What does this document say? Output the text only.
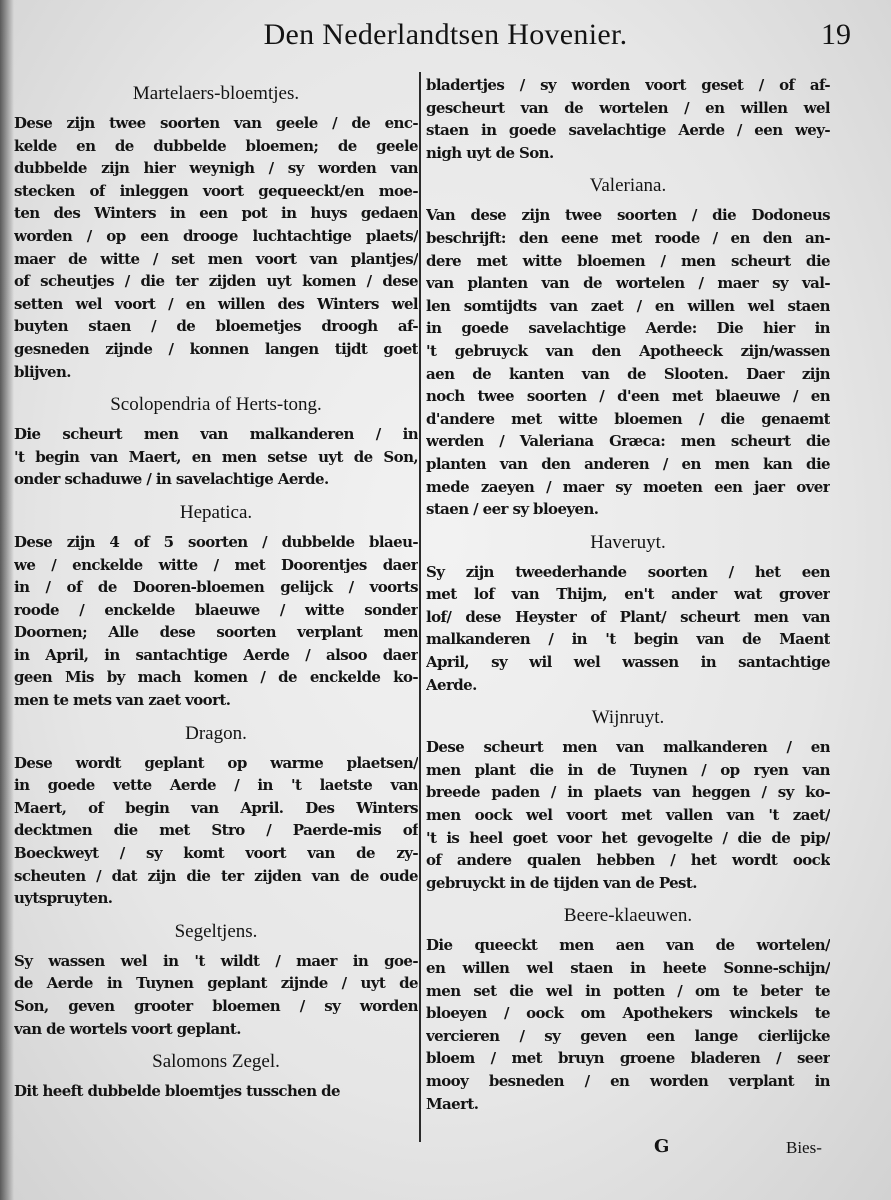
Den Nederlandtsen Hovenier.	19
Martelaers-bloemtjes.
Dese zijn twee soorten van geele / de enc-
kelde en de dubbelde bloemen; de geele
dubbelde zijn hier weynigh / sy worden van
stecken of inleggen voort gequeeckt/en moe-
ten des Winters in een pot in huys gedaen
worden / op een drooge luchtachtige plaets/
maer de witte / set men voort van plantjes/
of scheutjes / die ter zijden uyt komen / dese
setten wel voort / en willen des Winters wel
buyten staen / de bloemetjes droogh af-
gesneden zijnde / konnen langen tijdt goet
blijven.
Scolopendria of Herts-tong.
Die scheurt men van malkanderen / in
't begin van Maert, en men setse uyt de Son,
onder schaduwe / in savelachtige Aerde.
Hepatica.
Dese zijn 4 of 5 soorten / dubbelde blaeu-
we / enckelde witte / met Doorentjes daer
in / of de Dooren-bloemen gelijck / voorts
roode / enckelde blaeuwe / witte sonder
Doornen; Alle dese soorten verplant men
in April, in santachtige Aerde / alsoo daer
geen Mis by mach komen / de enckelde ko-
men te mets van zaet voort.
Dragon.
Dese wordt geplant op warme plaetsen/
in goede vette Aerde / in 't laetste van
Maert, of begin van April. Des Winters
decktmen die met Stro / Paerde-mis of
Boeckweyt / sy komt voort van de zy-
scheuten / dat zijn die ter zijden van de oude
uytspruyten.
Segeltjens.
Sy wassen wel in 't wildt / maer in goe-
de Aerde in Tuynen geplant zijnde / uyt de
Son, geven grooter bloemen / sy worden
van de wortels voort geplant.
Salomons Zegel.
Dit heeft dubbelde bloemtjes tusschen de
bladertjes / sy worden voort geset / of af-
gescheurt van de wortelen / en willen wel
staen in goede savelachtige Aerde / een wey-
nigh uyt de Son.
Valeriana.
Van dese zijn twee soorten / die Dodoneus
beschrijft: den eene met roode / en den an-
dere met witte bloemen / men scheurt die
van planten van de wortelen / maer sy val-
len somtijdts van zaet / en willen wel staen
in goede savelachtige Aerde: Die hier in
't gebruyck van den Apotheeck zijn/wassen
aen de kanten van de Slooten. Daer zijn
noch twee soorten / d'een met blaeuwe / en
d'andere met witte bloemen / die genaemt
werden / Valeriana Græca: men scheurt die
planten van den anderen / en men kan die
mede zaeyen / maer sy moeten een jaer over
staen / eer sy bloeyen.
Haveruyt.
Sy zijn tweederhande soorten / het een
met lof van Thijm, en't ander wat grover
lof/ dese Heyster of Plant/ scheurt men van
malkanderen / in 't begin van de Maent
April, sy wil wel wassen in santachtige
Aerde.
Wijnruyt.
Dese scheurt men van malkanderen / en
men plant die in de Tuynen / op ryen van
breede paden / in plaets van heggen / sy ko-
men oock wel voort met vallen van 't zaet/
't is heel goet voor het gevogelte / die de pip/
of andere qualen hebben / het wordt oock
gebruyckt in de tijden van de Pest.
Beere-klaeuwen.
Die queeckt men aen van de wortelen/
en willen wel staen in heete Sonne-schijn/
men set die wel in potten / om te beter te
bloeyen / oock om Apothekers winckels te
vercieren / sy geven een lange cierlijcke
bloem / met bruyn groene bladeren / seer
mooy besneden / en worden verplant in
Maert.
G	Bies-
